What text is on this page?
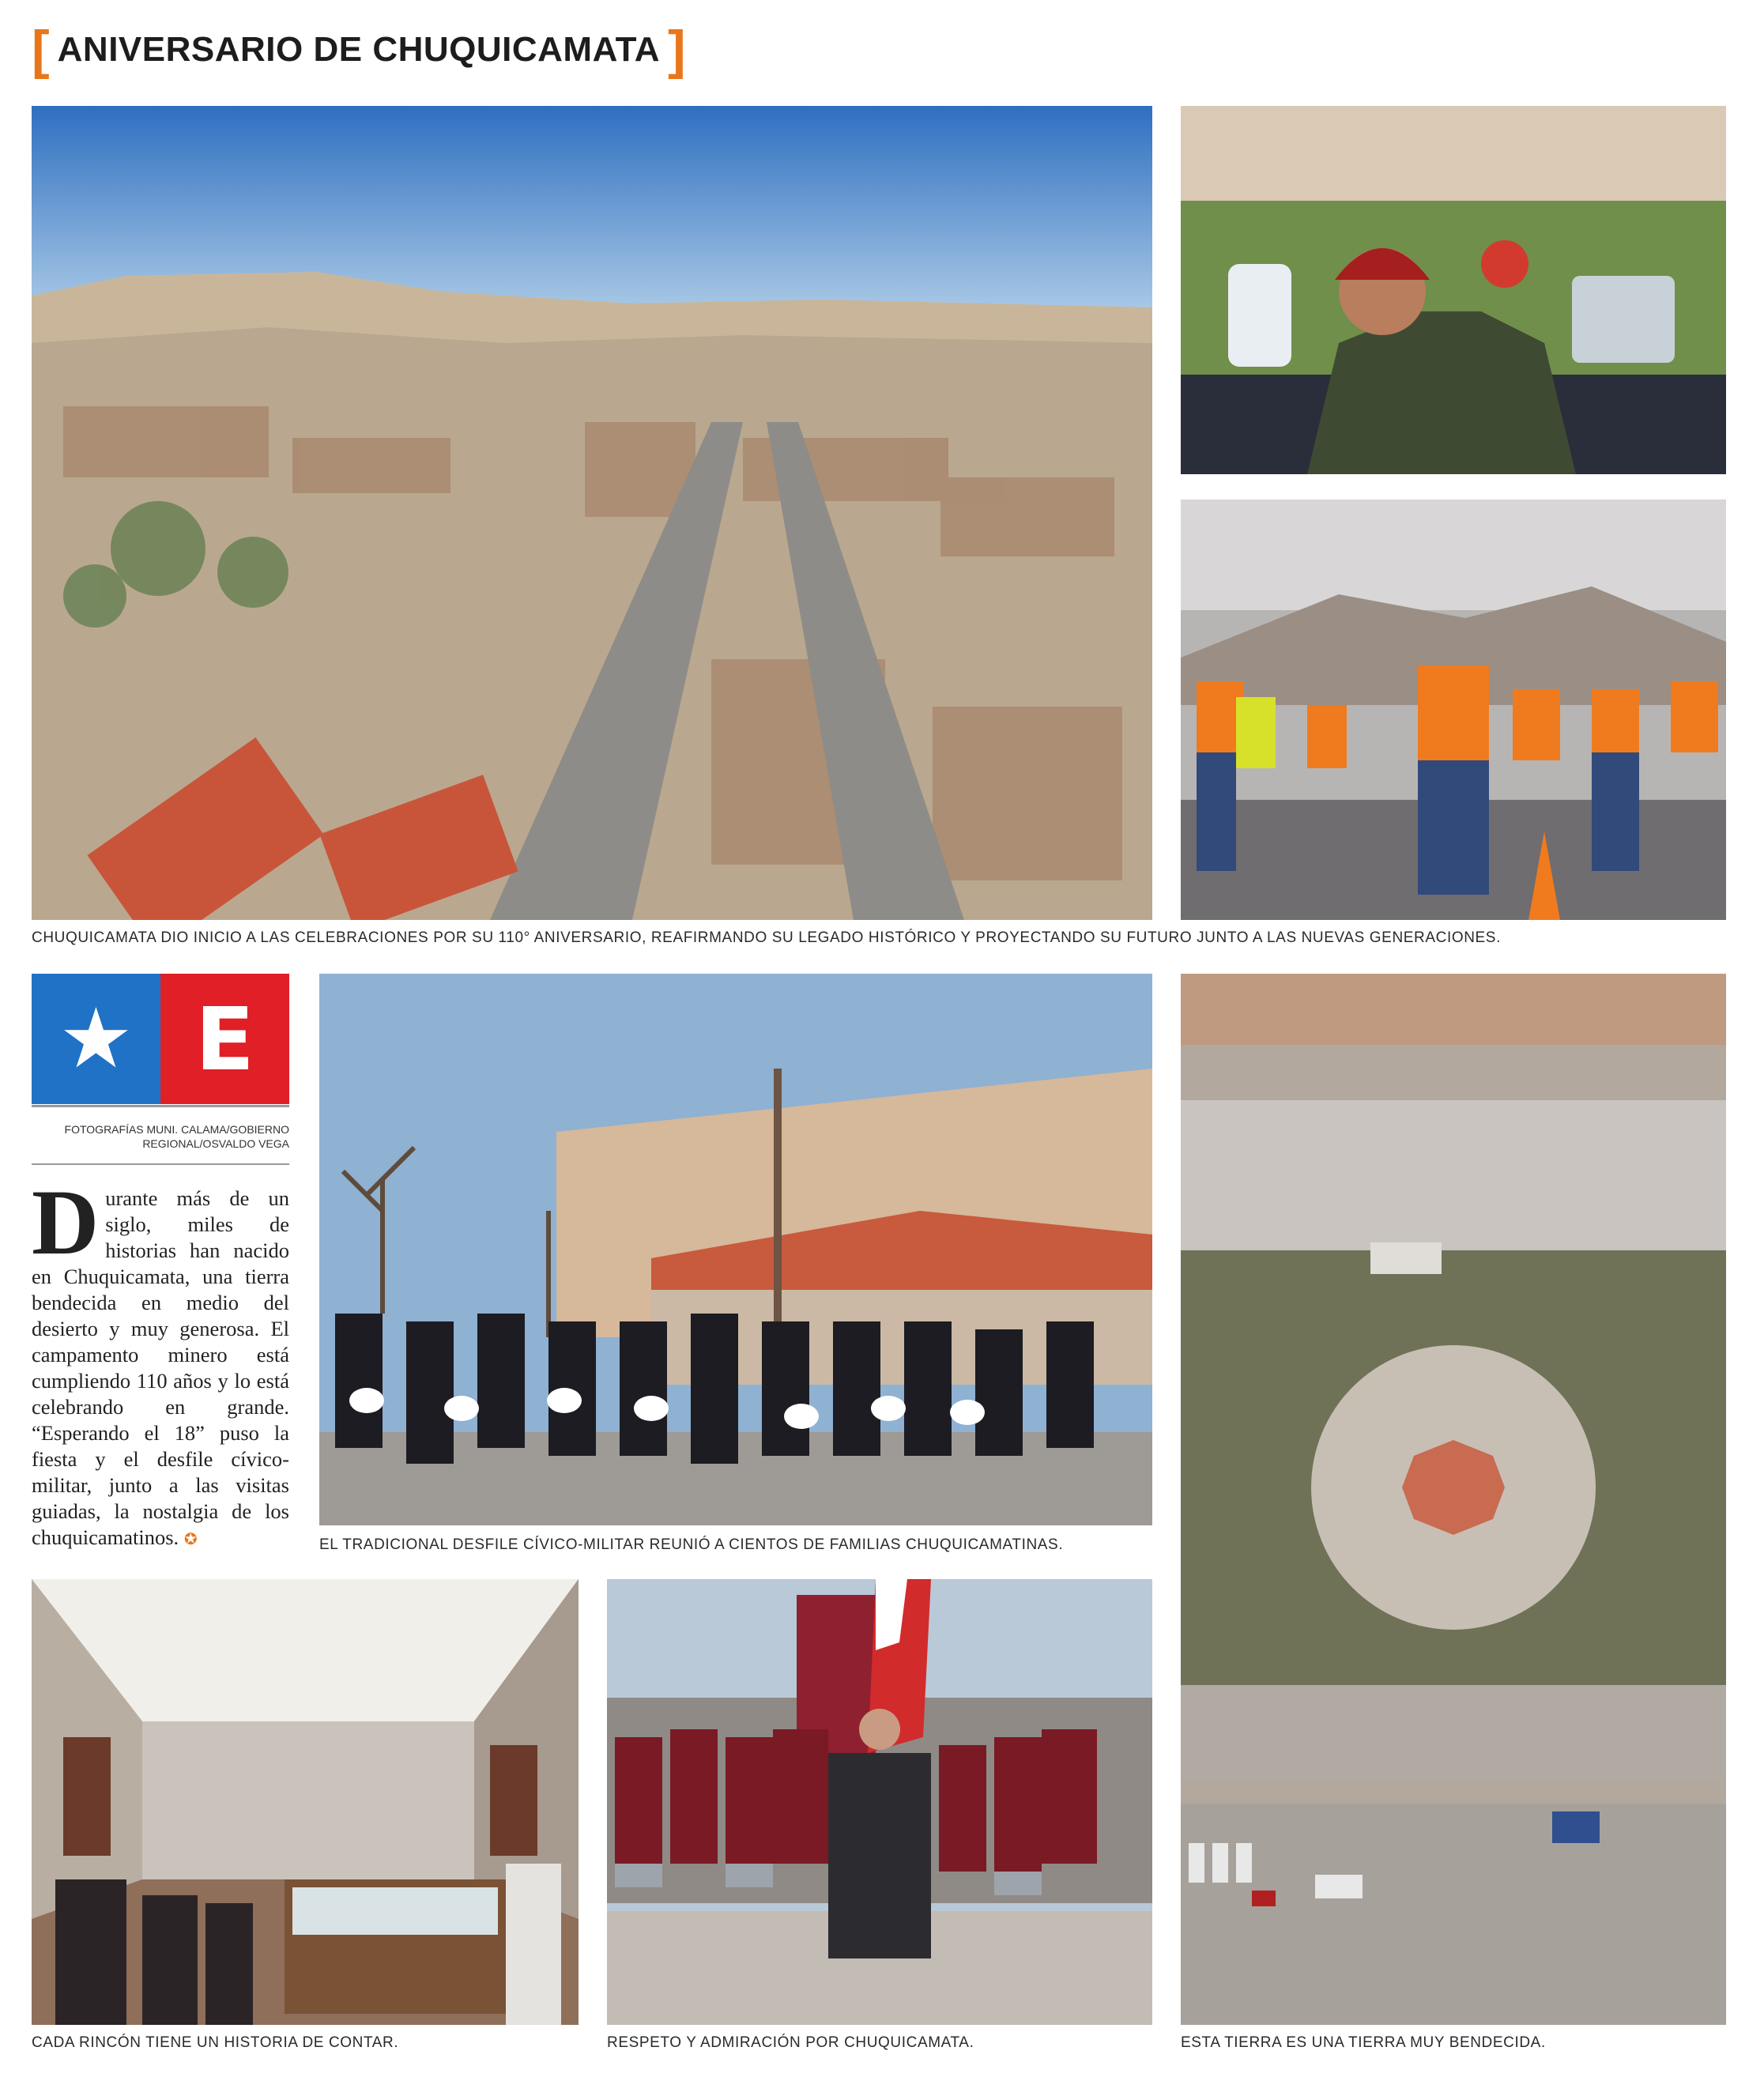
[ ANIVERSARIO DE CHUQUICAMATA ]
CHUQUICAMATA DIO INICIO A LAS CELEBRACIONES POR SU 110° ANIVERSARIO, REAFIRMANDO SU LEGADO HISTÓRICO Y PROYECTANDO SU FUTURO JUNTO A LAS NUEVAS GENERACIONES.
★ E
FOTOGRAFÍAS MUNI. CALAMA/GOBIERNO
REGIONAL/OSVALDO VEGA
Durante más de un siglo, miles de historias han nacido en Chuquicamata, una tierra bendecida en medio del desierto y muy generosa. El campamento minero está cumpliendo 110 años y lo está celebrando en grande. “Esperando el 18” puso la fiesta y el desfile cívico-militar, junto a las visitas guiadas, la nostalgia de los chuquicamatinos. ✪	EL TRADICIONAL DESFILE CÍVICO-MILITAR REUNIÓ A CIENTOS DE FAMILIAS CHUQUICAMATINAS.
ESTA TIERRA ES UNA TIERRA MUY BENDECIDA.
CADA RINCÓN TIENE UN HISTORIA DE CONTAR.	RESPETO Y ADMIRACIÓN POR CHUQUICAMATA.
